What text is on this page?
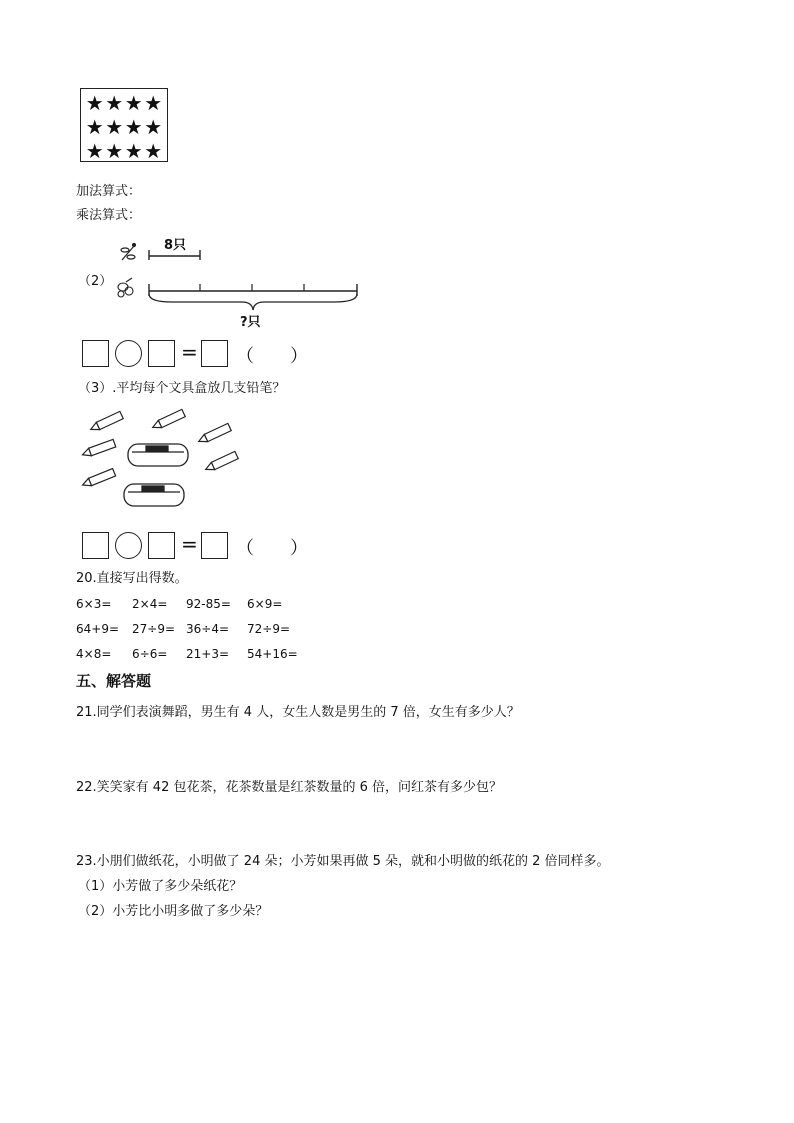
★ ★ ★ ★
★ ★ ★ ★
★ ★ ★ ★
加法算式：
乘法算式：
（2）
8只
?只
= （　　）
（3）.平均每个文具盒放几支铅笔？
= （　　）
20.直接写出得数。
6×3= 2×4= 92-85= 6×9=
64+9= 27÷9= 36÷4= 72÷9=
4×8= 6÷6= 21+3= 54+16=
五、解答题
21.同学们表演舞蹈，男生有 4 人，女生人数是男生的 7 倍，女生有多少人？
22.笑笑家有 42 包花茶，花茶数量是红茶数量的 6 倍，问红茶有多少包？
23.小朋们做纸花，小明做了 24 朵；小芳如果再做 5 朵，就和小明做的纸花的 2 倍同样多。
（1）小芳做了多少朵纸花？
（2）小芳比小明多做了多少朵？
